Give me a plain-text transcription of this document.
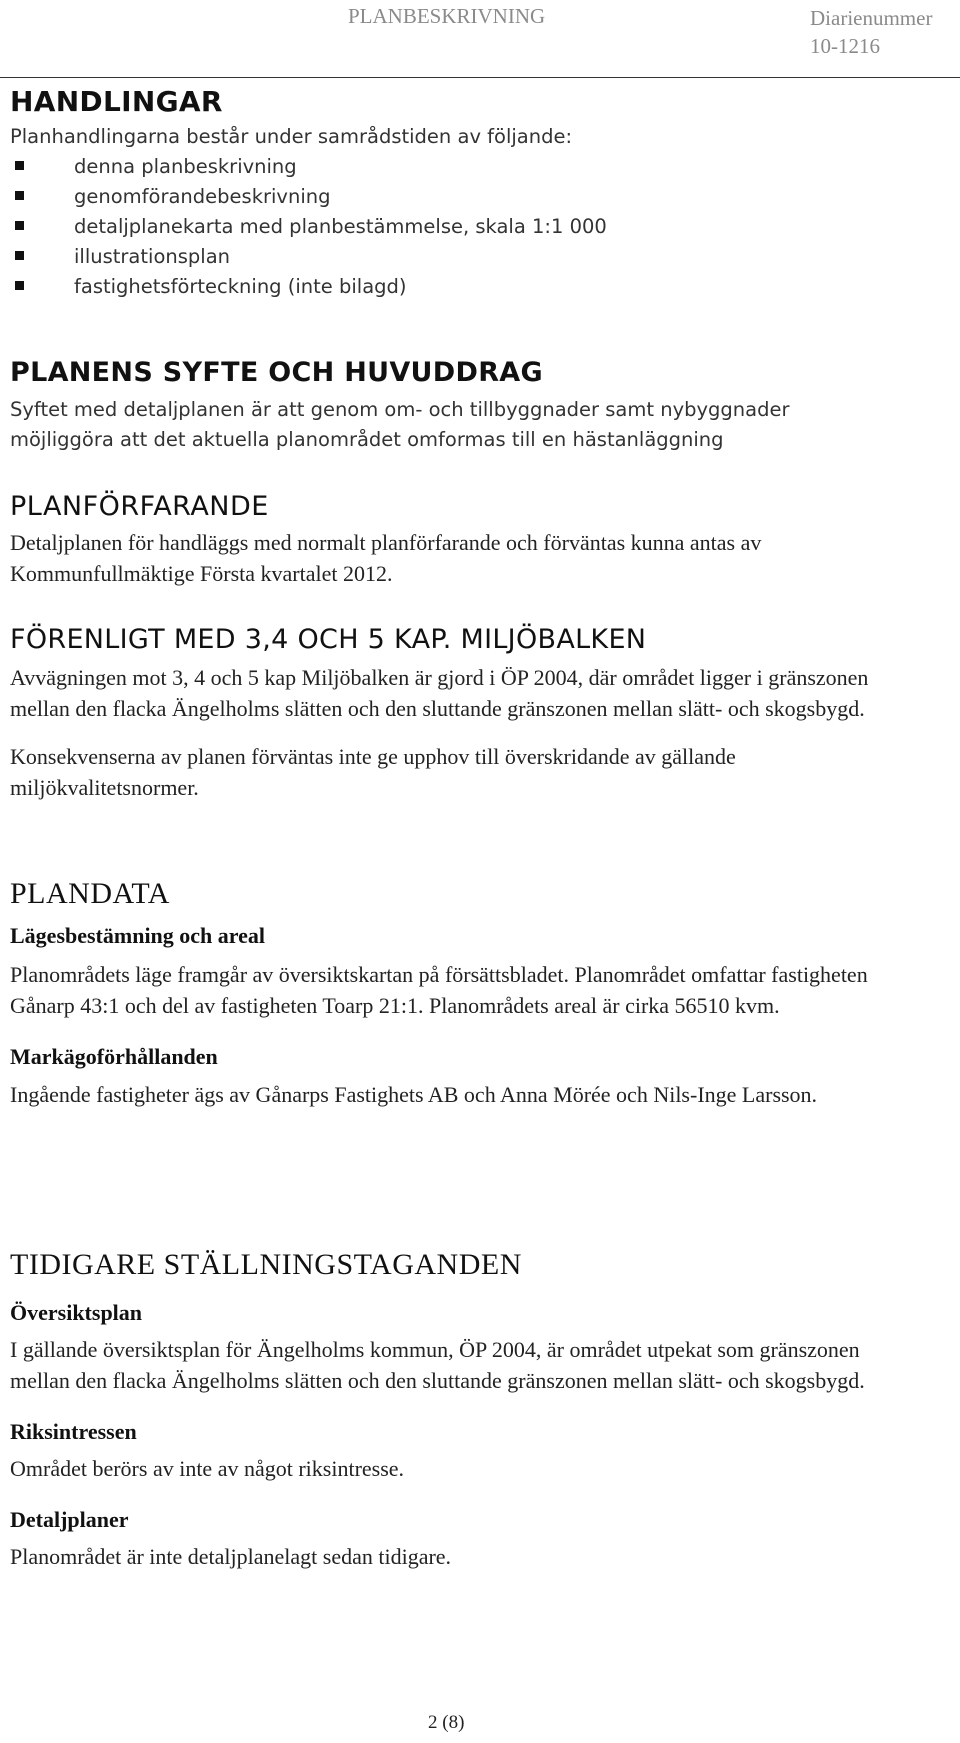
PLANBESKRIVNING	Diarienummer
10-1216
HANDLINGAR
Planhandlingarna består under samrådstiden av följande:
denna planbeskrivning
genomförandebeskrivning
detaljplanekarta med planbestämmelse, skala 1:1 000
illustrationsplan
fastighetsförteckning (inte bilagd)
PLANENS SYFTE OCH HUVUDDRAG
Syftet med detaljplanen är att genom om- och tillbyggnader samt nybyggnader möjliggöra att det aktuella planområdet omformas till en hästanläggning
PLANFÖRFARANDE
Detaljplanen för handläggs med normalt planförfarande och förväntas kunna antas av Kommunfullmäktige Första kvartalet 2012.
FÖRENLIGT MED 3,4 OCH 5 KAP. MILJÖBALKEN
Avvägningen mot 3, 4 och 5 kap Miljöbalken är gjord i ÖP 2004, där området ligger i gränszonen mellan den flacka Ängelholms slätten och den sluttande gränszonen mellan slätt- och skogsbygd.
Konsekvenserna av planen förväntas inte ge upphov till överskridande av gällande miljökvalitetsnormer.
PLANDATA
Lägesbestämning och areal
Planområdets läge framgår av översiktskartan på försättsbladet. Planområdet omfattar fastigheten Gånarp 43:1 och del av fastigheten Toarp 21:1. Planområdets areal är cirka 56510 kvm.
Markägoförhållanden
Ingående fastigheter ägs av Gånarps Fastighets AB och Anna Mörée och Nils-Inge Larsson.
TIDIGARE STÄLLNINGSTAGANDEN
Översiktsplan
I gällande översiktsplan för Ängelholms kommun, ÖP 2004, är området utpekat som gränszonen mellan den flacka Ängelholms slätten och den sluttande gränszonen mellan slätt- och skogsbygd.
Riksintressen
Området berörs av inte av något riksintresse.
Detaljplaner
Planområdet är inte detaljplanelagt sedan tidigare.
2 (8)
